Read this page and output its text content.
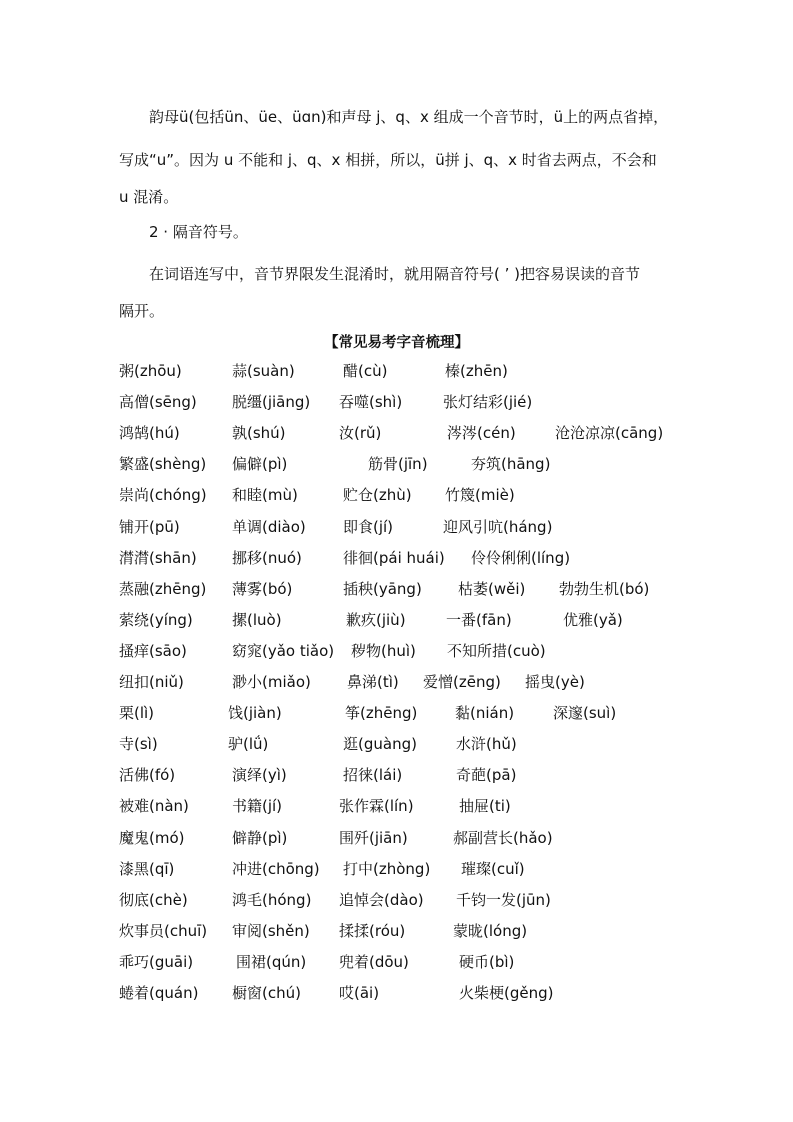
韵母ü(包括ün、üe、üɑn)和声母 j、q、x 组成一个音节时，ü上的两点省掉，
写成“u”。因为 u 不能和 j、q、x 相拼，所以，ü拼 j、q、x 时省去两点，不会和
u 混淆。
2 · 隔音符号。
在词语连写中，音节界限发生混淆时，就用隔音符号( ’ )把容易误读的音节
隔开。
【常见易考字音梳理】
粥(zhōu)	蒜(suàn)	醋(cù)	榛(zhēn)
高僧(sēng) 脱缰(jiāng) 吞噬(shì)	张灯结彩(jié)
鸿鹄(hú)	孰(shú)	汝(rǔ)	涔涔(cén)	沧沧凉凉(cāng)
繁盛(shèng) 偏僻(pì)	筋骨(jīn)	夯筑(hāng)
崇尚(chóng) 和睦(mù)	贮仓(zhù) 竹篾(miè)
铺开(pū)	单调(diào) 即食(jí)	迎风引吭(háng)
潸潸(shān) 挪移(nuó)	徘徊(pái huái) 伶伶俐俐(líng)
蒸融(zhēng) 薄雾(bó)	插秧(yāng) 枯萎(wěi) 勃勃生机(bó)
萦绕(yíng)	摞(luò)	歉疚(jiù)	一番(fān)	优雅(yǎ)
搔痒(sāo)	窈窕(yǎo tiǎo) 秽物(huì) 不知所措(cuò)
纽扣(niǔ)	渺小(miǎo) 鼻涕(tì) 爱憎(zēng) 摇曳(yè)
栗(lì)	饯(jiàn)	筝(zhēng)	黏(nián)	深邃(suì)
寺(sì)	驴(lǘ)	逛(guàng)	水浒(hǔ)
活佛(fó)	演绎(yì)	招徕(lái)	奇葩(pā)
被难(nàn)	书籍(jí)	张作霖(lín)	抽屉(ti)
魔鬼(mó)	僻静(pì)	围歼(jiān)	郝副营长(hǎo)
漆黑(qī)	冲进(chōng) 打中(zhòng) 璀璨(cuǐ)
彻底(chè)	鸿毛(hóng) 追悼会(dào) 千钧一发(jūn)
炊事员(chuī) 审阅(shěn) 揉揉(róu)	蒙昽(lóng)
乖巧(guāi)	围裙(qún) 兜着(dōu)	硬币(bì)
蜷着(quán) 橱窗(chú)	哎(āi)	火柴梗(gěng)
